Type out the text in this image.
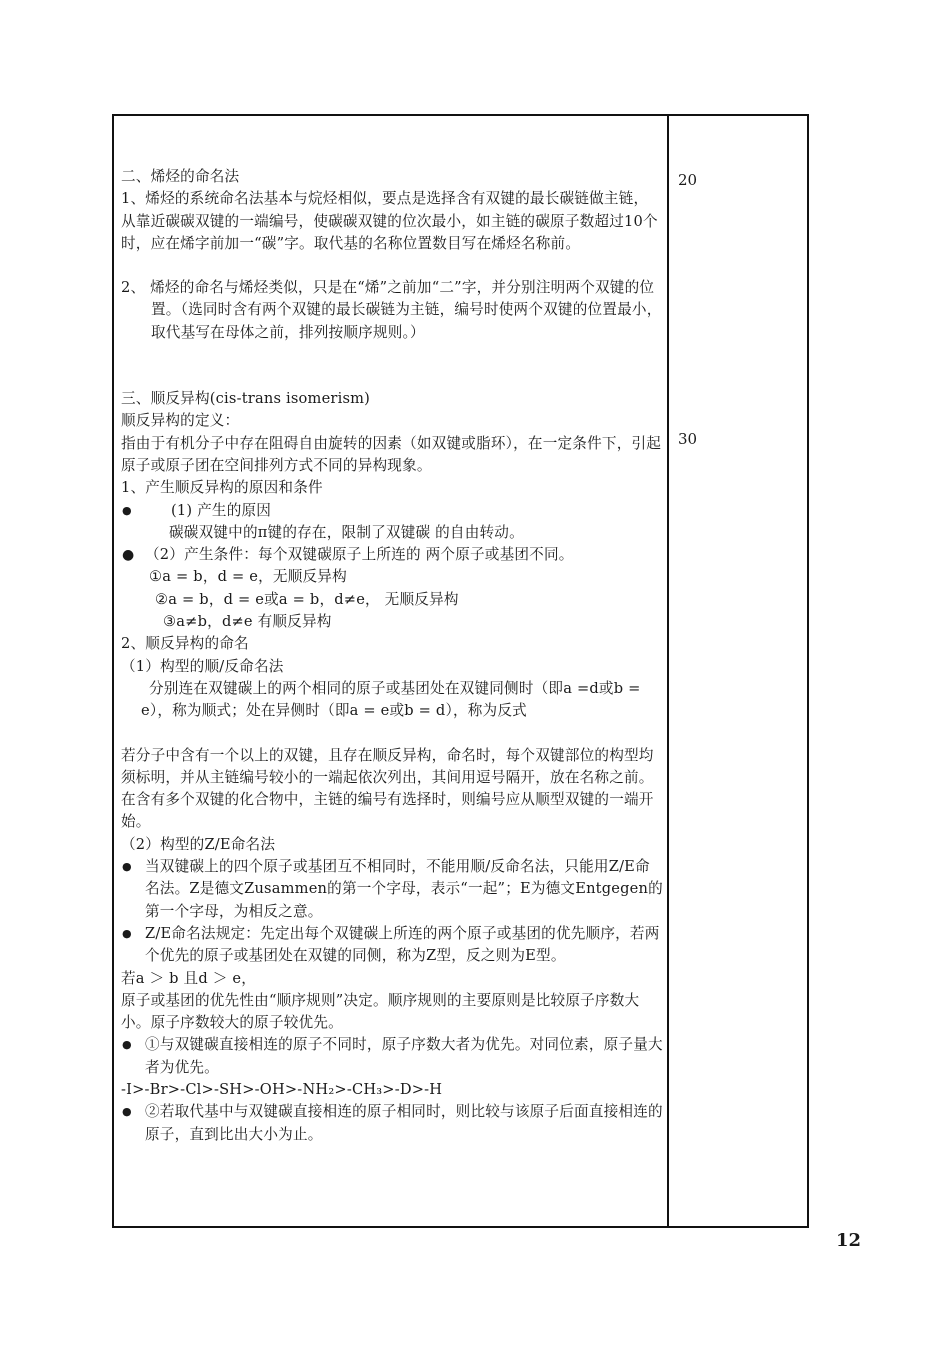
二、烯烃的命名法

1、烯烃的系统命名法基本与烷烃相似，要点是选择含有双键的最长碳链做主链，从靠近碳碳双键的一端编号，使碳碳双键的位次最小，如主链的碳原子数超过10个时，应在烯字前加一“碳”字。取代基的名称位置数目写在烯烃名称前。

2、 烯烃的命名与烯烃类似，只是在“烯”之前加“二”字，并分别注明两个双键的位置。（选同时含有两个双键的最长碳链为主链，编号时使两个双键的位置最小，取代基写在母体之前，排列按顺序规则。）

三、顺反异构(cis-trans isomerism)

顺反异构的定义：

指由于有机分子中存在阻碍自由旋转的因素（如双键或脂环），在一定条件下，引起原子或原子团在空间排列方式不同的异构现象。

1、产生顺反异构的原因和条件

● (1) 产生的原因

碳碳双键中的π键的存在，限制了双键碳 的自由转动。

● （2）产生条件：每个双键碳原子上所连的 两个原子或基团不同。

①a = b，d = e，无顺反异构

②a = b，d = e或a = b，d≠e， 无顺反异构

③a≠b，d≠e 有顺反异构

2、顺反异构的命名

（1）构型的顺/反命名法

分别连在双键碳上的两个相同的原子或基团处在双键同侧时（即a =d或b = e），称为顺式；处在异侧时（即a = e或b = d），称为反式

若分子中含有一个以上的双键，且存在顺反异构，命名时，每个双键部位的构型均须标明，并从主链编号较小的一端起依次列出，其间用逗号隔开，放在名称之前。

在含有多个双键的化合物中，主链的编号有选择时，则编号应从顺型双键的一端开始。

（2）构型的Z/E命名法

● 当双键碳上的四个原子或基团互不相同时，不能用顺/反命名法，只能用Z/E命名法。Z是德文Zusammen的第一个字母，表示“一起”；E为德文Entgegen的第一个字母，为相反之意。

● Z/E命名法规定：先定出每个双键碳上所连的两个原子或基团的优先顺序，若两个优先的原子或基团处在双键的同侧，称为Z型，反之则为E型。

若a ＞ b 且d ＞ e，

原子或基团的优先性由“顺序规则”决定。顺序规则的主要原则是比较原子序数大小。原子序数较大的原子较优先。

● ①与双键碳直接相连的原子不同时，原子序数大者为优先。对同位素，原子量大者为优先。

-I>-Br>-Cl>-SH>-OH>-NH₂>-CH₃>-D>-H

● ②若取代基中与双键碳直接相连的原子相同时，则比较与该原子后面直接相连的原子，直到比出大小为止。

20
30
12
